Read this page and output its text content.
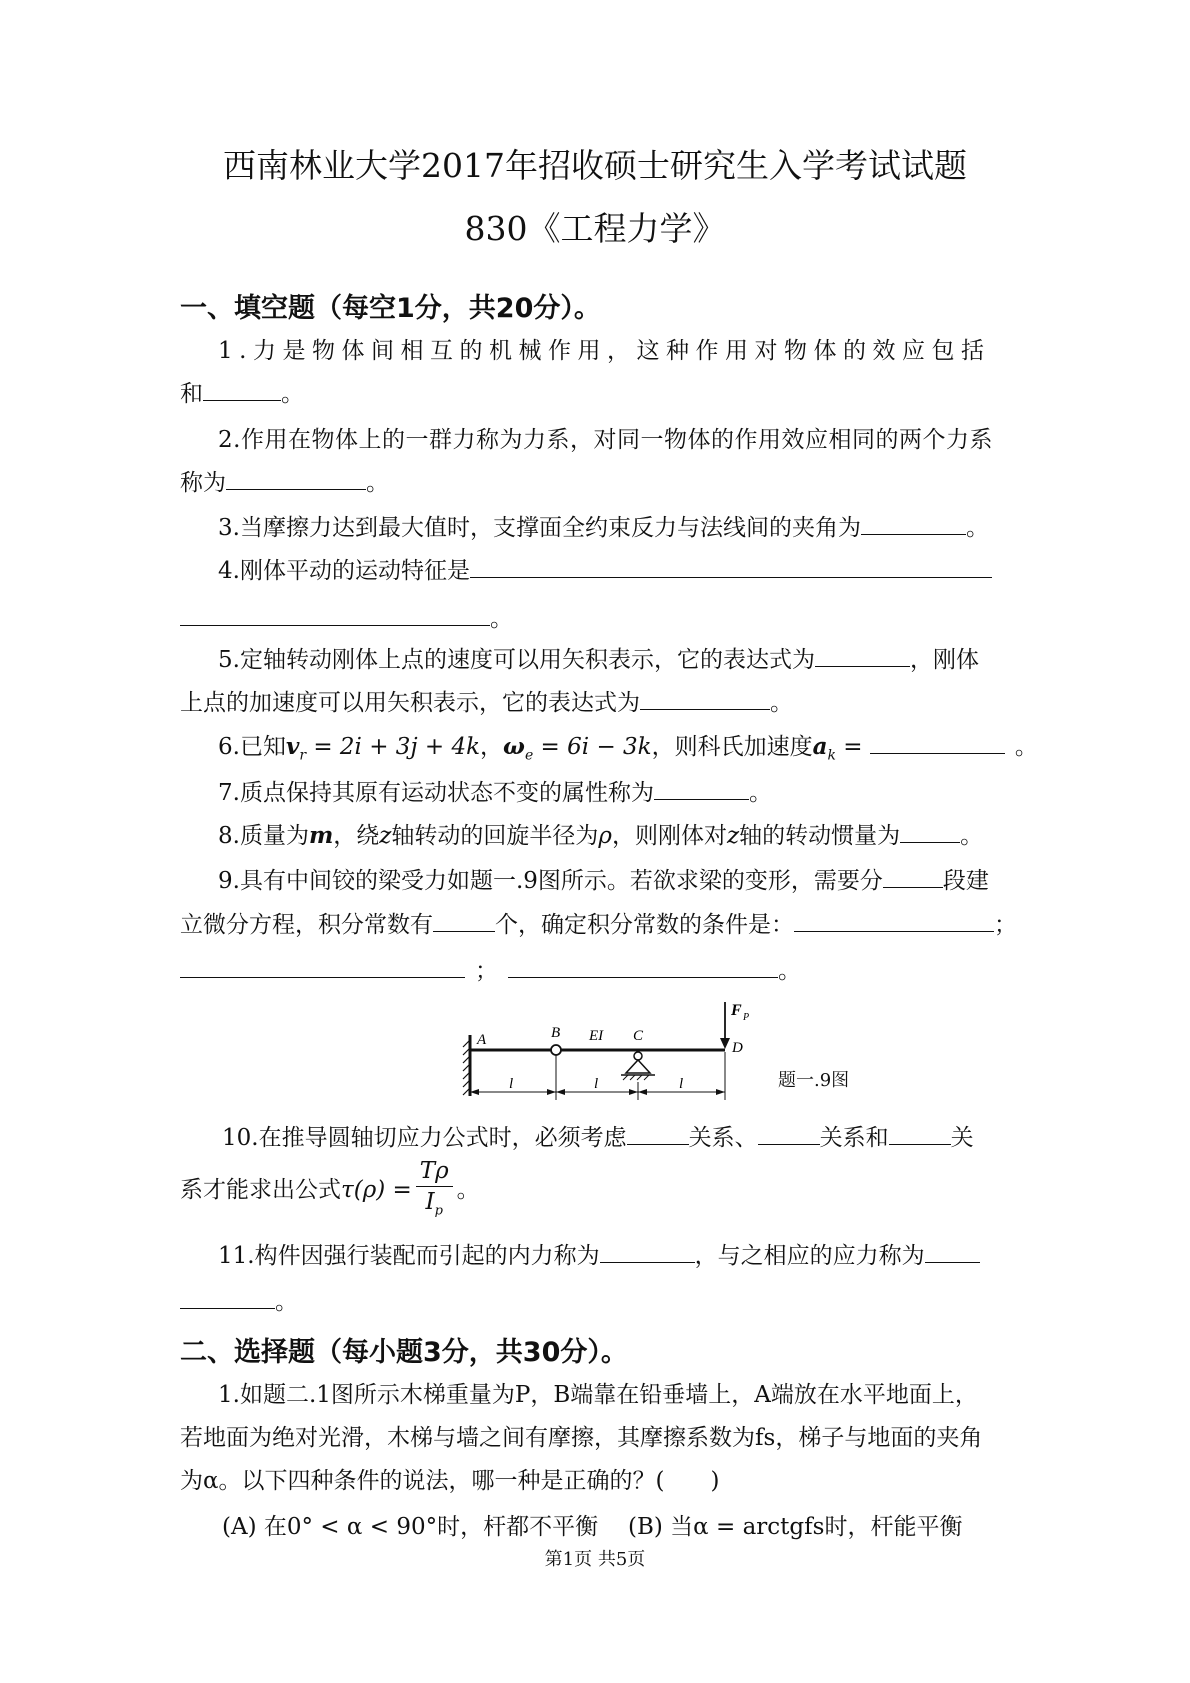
西南林业大学2017年招收硕士研究生入学考试试题
830《工程力学》
一、填空题（每空1分，共20分）。
1.力是物体间相互的机械作用，这种作用对物体的效应包括
和	。
2.作用在物体上的一群力称为力系，对同一物体的作用效应相同的两个力系
称为	。
3.当摩擦力达到最大值时，支撑面全约束反力与法线间的夹角为	。
4.刚体平动的运动特征是
。
5.定轴转动刚体上点的速度可以用矢积表示，它的表达式为	，刚体
上点的加速度可以用矢积表示，它的表达式为	。
6.已知$v_r = 2i + 3j + 4k$，$\omega_e = 6i - 3k$，则科氏加速度$a_k$ =	。
7.质点保持其原有运动状态不变的属性称为	。
8.质量为m，绕z轴转动的回旋半径为ρ，则刚体对z轴的转动惯量为	。
9.具有中间铰的梁受力如题一.9图所示。若欲求梁的变形，需要分	段建
立微分方程，积分常数有	个，确定积分常数的条件是：	；
；	。
A	B EI C
D
F P
l	l	l	题一.9图
10.在推导圆轴切应力公式时，必须考虑	关系、	关系和	关
系才能求出公式$\tau(\rho) = \frac{T\rho}{I_p}$ 。
11.构件因强行装配而引起的内力称为	，与之相应的应力称为
。
二、选择题（每小题3分，共30分）。
1.如题二.1图所示木梯重量为P，B端靠在铅垂墙上，A端放在水平地面上，
若地面为绝对光滑，木梯与墙之间有摩擦，其摩擦系数为fs，梯子与地面的夹角
为α。以下四种条件的说法，哪一种是正确的？(　　)
(A) 在0° < α < 90°时，杆都不平衡 (B) 当α = arctgfs时，杆能平衡
第1页 共5页
